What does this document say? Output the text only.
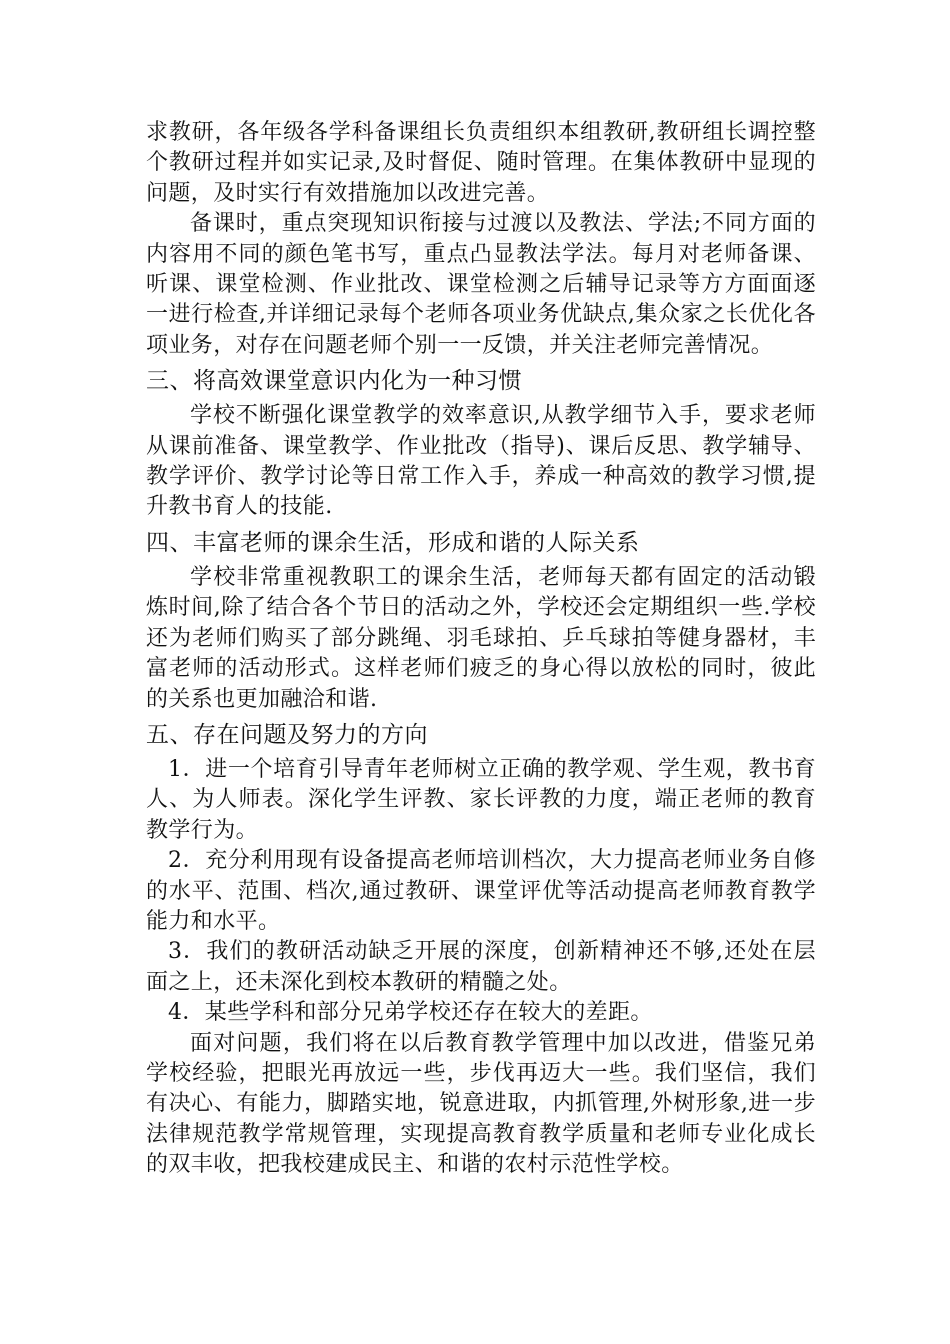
求教研，各年级各学科备课组长负责组织本组教研,教研组长调控整个教研过程并如实记录,及时督促、随时管理。在集体教研中显现的问题，及时实行有效措施加以改进完善。

备课时，重点突现知识衔接与过渡以及教法、学法;不同方面的内容用不同的颜色笔书写，重点凸显教法学法。每月对老师备课、听课、课堂检测、作业批改、课堂检测之后辅导记录等方方面面逐一进行检查,并详细记录每个老师各项业务优缺点,集众家之长优化各项业务，对存在问题老师个别一一反馈，并关注老师完善情况。

三、将高效课堂意识内化为一种习惯

学校不断强化课堂教学的效率意识,从教学细节入手，要求老师从课前准备、课堂教学、作业批改（指导)、课后反思、教学辅导、教学评价、教学讨论等日常工作入手，养成一种高效的教学习惯,提升教书育人的技能.

四、丰富老师的课余生活，形成和谐的人际关系

学校非常重视教职工的课余生活，老师每天都有固定的活动锻炼时间,除了结合各个节日的活动之外，学校还会定期组织一些.学校还为老师们购买了部分跳绳、羽毛球拍、乒乓球拍等健身器材，丰富老师的活动形式。这样老师们疲乏的身心得以放松的同时，彼此的关系也更加融洽和谐.

五、存在问题及努力的方向

1．进一个培育引导青年老师树立正确的教学观、学生观，教书育人、为人师表。深化学生评教、家长评教的力度，端正老师的教育教学行为。

2．充分利用现有设备提高老师培训档次，大力提高老师业务自修的水平、范围、档次,通过教研、课堂评优等活动提高老师教育教学能力和水平。

3．我们的教研活动缺乏开展的深度，创新精神还不够,还处在层面之上，还未深化到校本教研的精髓之处。

4．某些学科和部分兄弟学校还存在较大的差距。

面对问题，我们将在以后教育教学管理中加以改进，借鉴兄弟学校经验，把眼光再放远一些，步伐再迈大一些。我们坚信，我们有决心、有能力，脚踏实地，锐意进取，内抓管理,外树形象,进一步法律规范教学常规管理，实现提高教育教学质量和老师专业化成长的双丰收，把我校建成民主、和谐的农村示范性学校。
